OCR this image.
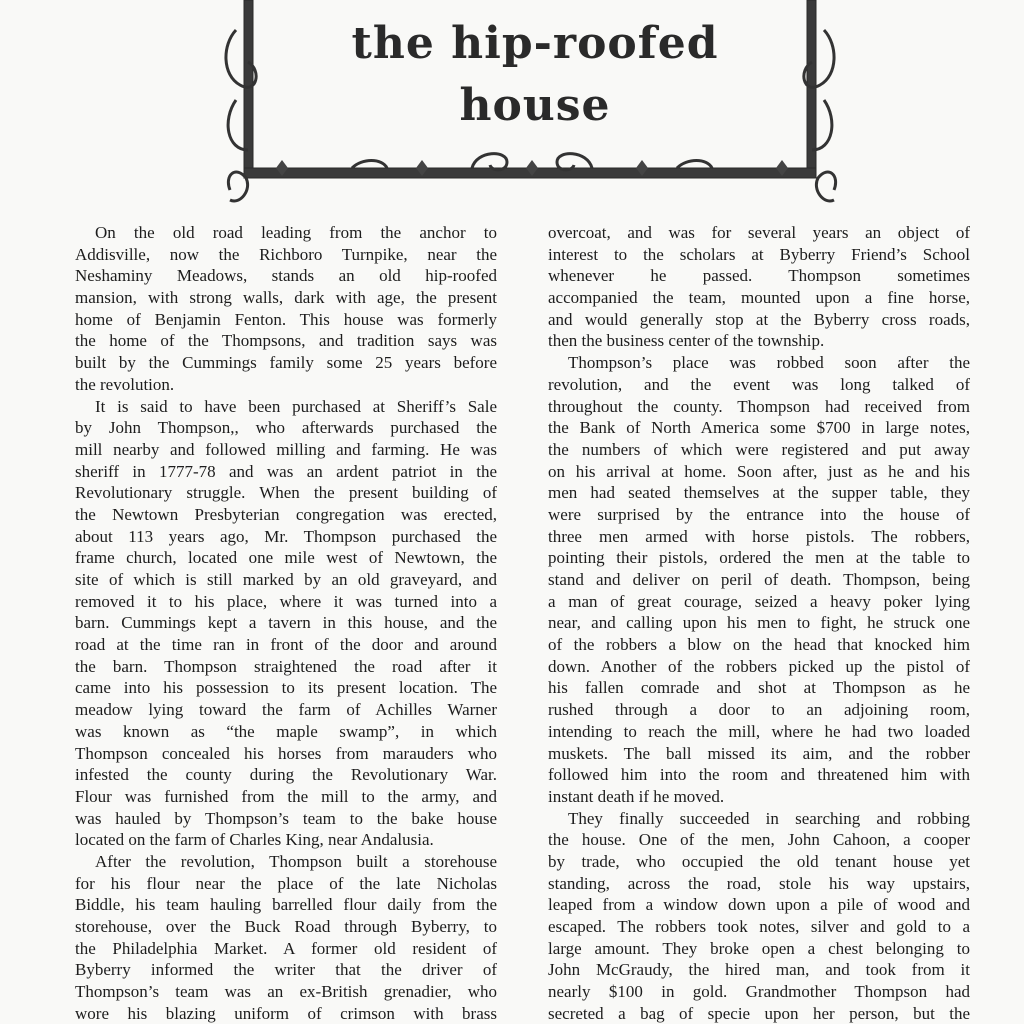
the hip-roofed
house
On the old road leading from the anchor to
Addisville, now the Richboro Turnpike, near the
Neshaminy Meadows, stands an old hip-roofed
mansion, with strong walls, dark with age, the present
home of Benjamin Fenton. This house was formerly
the home of the Thompsons, and tradition says was
built by the Cummings family some 25 years before
the revolution.
It is said to have been purchased at Sheriff’s Sale
by John Thompson,, who afterwards purchased the
mill nearby and followed milling and farming. He was
sheriff in 1777-78 and was an ardent patriot in the
Revolutionary struggle. When the present building of
the Newtown Presbyterian congregation was erected,
about 113 years ago, Mr. Thompson purchased the
frame church, located one mile west of Newtown, the
site of which is still marked by an old graveyard, and
removed it to his place, where it was turned into a
barn. Cummings kept a tavern in this house, and the
road at the time ran in front of the door and around
the barn. Thompson straightened the road after it
came into his possession to its present location. The
meadow lying toward the farm of Achilles Warner
was known as “the maple swamp”, in which
Thompson concealed his horses from marauders who
infested the county during the Revolutionary War.
Flour was furnished from the mill to the army, and
was hauled by Thompson’s team to the bake house
located on the farm of Charles King, near Andalusia.
After the revolution, Thompson built a storehouse
for his flour near the place of the late Nicholas
Biddle, his team hauling barrelled flour daily from the
storehouse, over the Buck Road through Byberry, to
the Philadelphia Market. A former old resident of
Byberry informed the writer that the driver of
Thompson’s team was an ex-British grenadier, who
wore his blazing uniform of crimson with brass
overcoat, and was for several years an object of
interest to the scholars at Byberry Friend’s School
whenever he passed. Thompson sometimes
accompanied the team, mounted upon a fine horse,
and would generally stop at the Byberry cross roads,
then the business center of the township.
Thompson’s place was robbed soon after the
revolution, and the event was long talked of
throughout the county. Thompson had received from
the Bank of North America some $700 in large notes,
the numbers of which were registered and put away
on his arrival at home. Soon after, just as he and his
men had seated themselves at the supper table, they
were surprised by the entrance into the house of
three men armed with horse pistols. The robbers,
pointing their pistols, ordered the men at the table to
stand and deliver on peril of death. Thompson, being
a man of great courage, seized a heavy poker lying
near, and calling upon his men to fight, he struck one
of the robbers a blow on the head that knocked him
down. Another of the robbers picked up the pistol of
his fallen comrade and shot at Thompson as he
rushed through a door to an adjoining room,
intending to reach the mill, where he had two loaded
muskets. The ball missed its aim, and the robber
followed him into the room and threatened him with
instant death if he moved.
They finally succeeded in searching and robbing
the house. One of the men, John Cahoon, a cooper
by trade, who occupied the old tenant house yet
standing, across the road, stole his way upstairs,
leaped from a window down upon a pile of wood and
escaped. The robbers took notes, silver and gold to a
large amount. They broke open a chest belonging to
John McGraudy, the hired man, and took from it
nearly $100 in gold. Grandmother Thompson had
secreted a bag of specie upon her person, but the
